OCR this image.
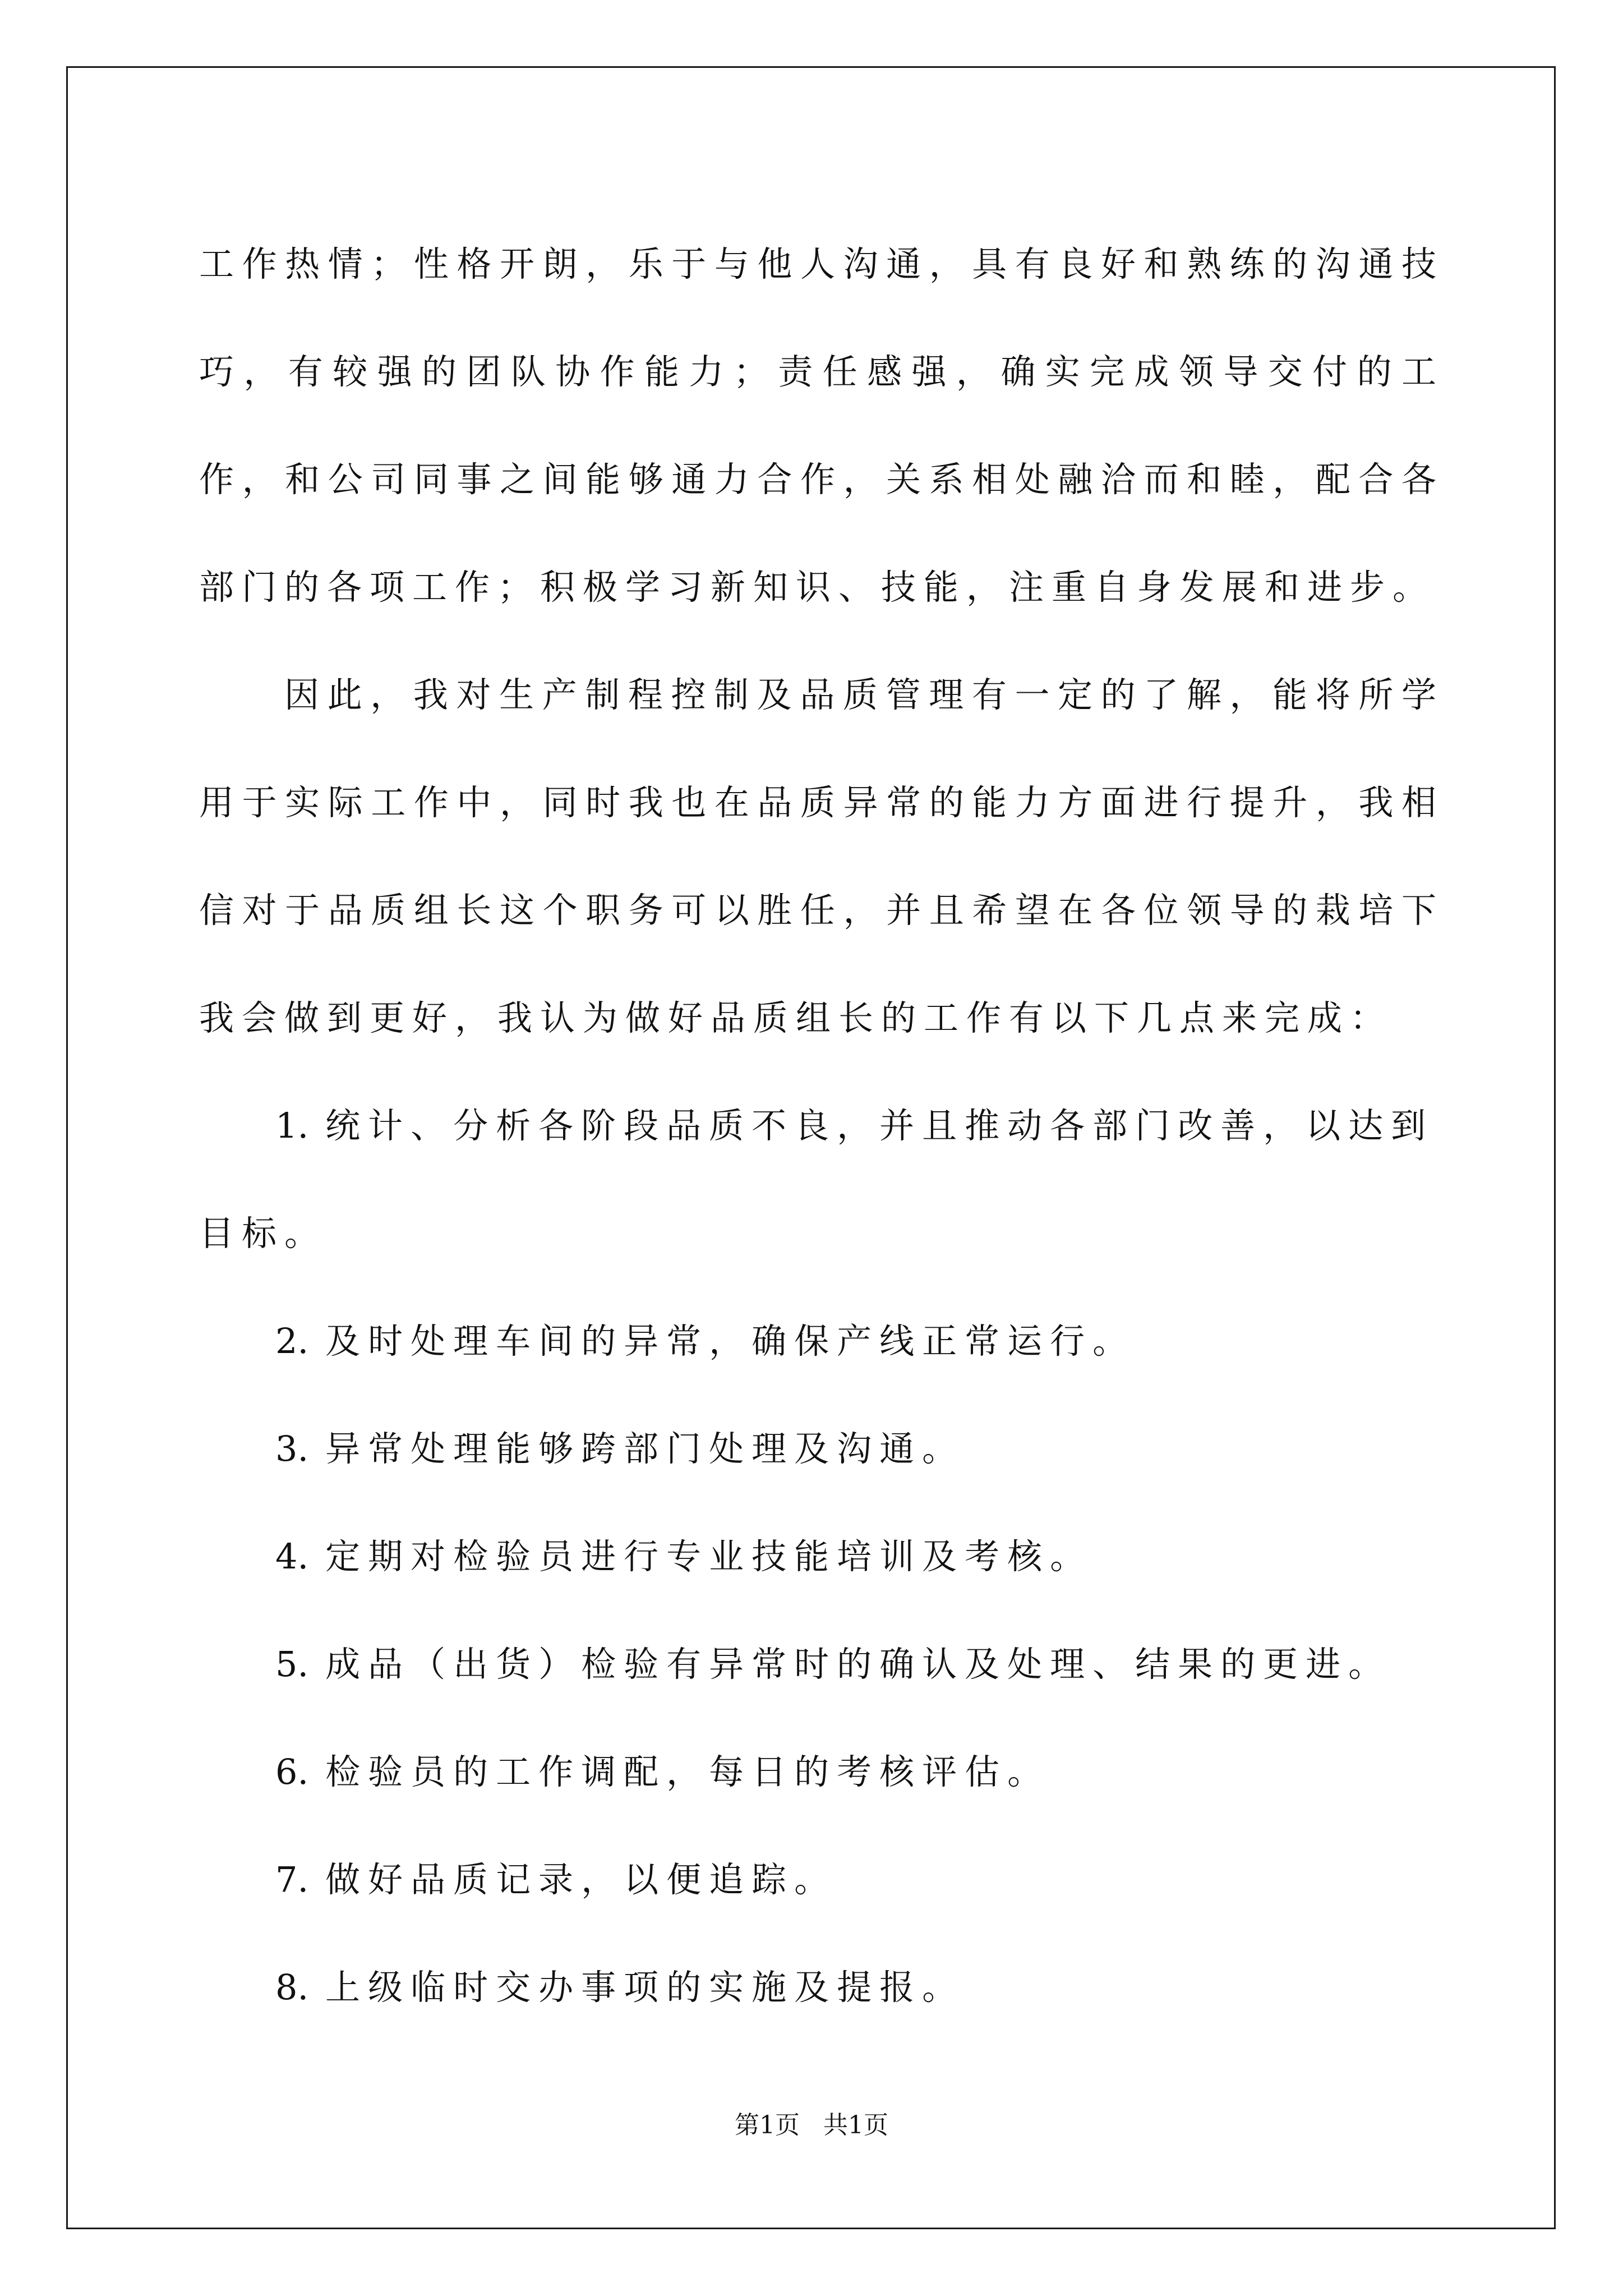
工作热情；性格开朗，乐于与他人沟通，具有良好和熟练的沟通技巧，有较强的团队协作能力；责任感强，确实完成领导交付的工作，和公司同事之间能够通力合作，关系相处融洽而和睦，配合各部门的各项工作；积极学习新知识、技能，注重自身发展和进步。

因此，我对生产制程控制及品质管理有一定的了解，能将所学用于实际工作中，同时我也在品质异常的能力方面进行提升，我相信对于品质组长这个职务可以胜任，并且希望在各位领导的栽培下我会做到更好，我认为做好品质组长的工作有以下几点来完成：

1. 统计、分析各阶段品质不良，并且推动各部门改善，以达到目标。

2. 及时处理车间的异常，确保产线正常运行。

3. 异常处理能够跨部门处理及沟通。

4. 定期对检验员进行专业技能培训及考核。

5. 成品（出货）检验有异常时的确认及处理、结果的更进。

6. 检验员的工作调配，每日的考核评估。

7. 做好品质记录，以便追踪。

8. 上级临时交办事项的实施及提报。

第1页 共1页
